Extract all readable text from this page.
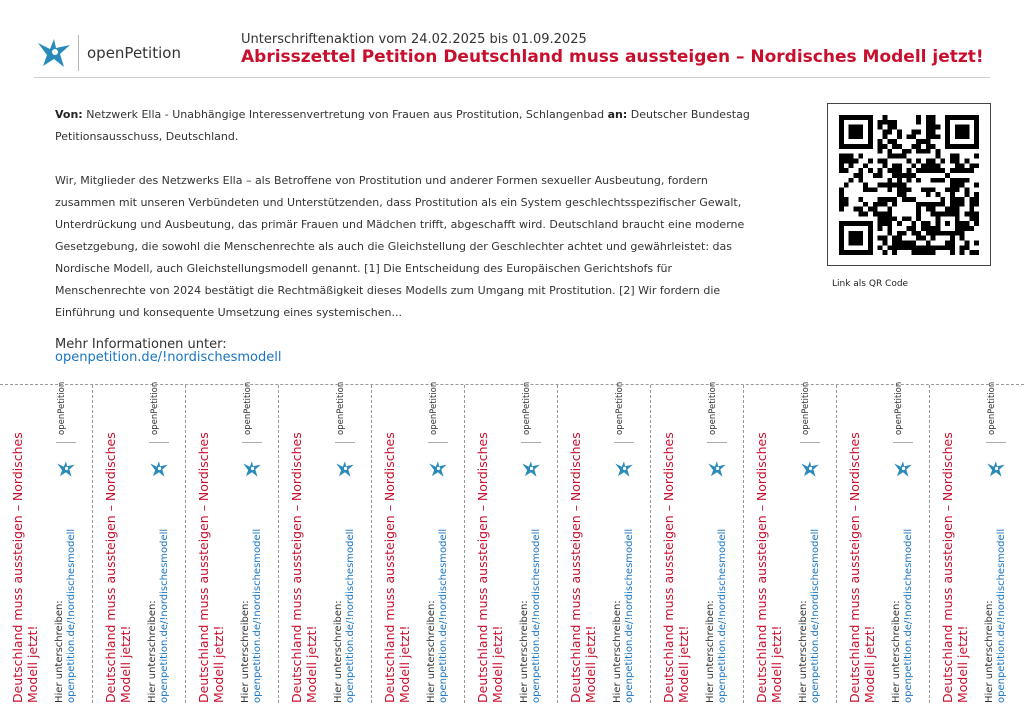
openPetition
Unterschriftenaktion vom 24.02.2025 bis 01.09.2025
Abrisszettel Petition Deutschland muss aussteigen – Nordisches Modell jetzt!

Von: Netzwerk Ella - Unabhängige Interessenvertretung von Frauen aus Prostitution, Schlangenbad an: Deutscher Bundestag Petitionsausschuss, Deutschland.

Wir, Mitglieder des Netzwerks Ella – als Betroffene von Prostitution und anderer Formen sexueller Ausbeutung, fordern zusammen mit unseren Verbündeten und Unterstützenden, dass Prostitution als ein System geschlechtsspezifischer Gewalt, Unterdrückung und Ausbeutung, das primär Frauen und Mädchen trifft, abgeschafft wird. Deutschland braucht eine moderne Gesetzgebung, die sowohl die Menschenrechte als auch die Gleichstellung der Geschlechter achtet und gewährleistet: das Nordische Modell, auch Gleichstellungsmodell genannt. [1] Die Entscheidung des Europäischen Gerichtshofs für Menschenrechte von 2024 bestätigt die Rechtmäßigkeit dieses Modells zum Umgang mit Prostitution. [2] Wir fordern die Einführung und konsequente Umsetzung eines systemischen...

Link als QR Code
Mehr Informationen unter:
openpetition.de/!nordischesmodell
Deutschland muss aussteigen – Nordisches Modell jetzt!
openPetition
Hier unterschreiben: openpetition.de/!nordischesmodell Deutschland muss aussteigen – Nordisches Modell jetzt!
openPetition
Hier unterschreiben: openpetition.de/!nordischesmodell Deutschland muss aussteigen – Nordisches Modell jetzt!
openPetition
Hier unterschreiben: openpetition.de/!nordischesmodell Deutschland muss aussteigen – Nordisches Modell jetzt!
openPetition
Hier unterschreiben: openpetition.de/!nordischesmodell Deutschland muss aussteigen – Nordisches Modell jetzt!
openPetition
Hier unterschreiben: openpetition.de/!nordischesmodell Deutschland muss aussteigen – Nordisches Modell jetzt!
openPetition
Hier unterschreiben: openpetition.de/!nordischesmodell Deutschland muss aussteigen – Nordisches Modell jetzt!
openPetition
Hier unterschreiben: openpetition.de/!nordischesmodell Deutschland muss aussteigen – Nordisches Modell jetzt!
openPetition
Hier unterschreiben: openpetition.de/!nordischesmodell Deutschland muss aussteigen – Nordisches Modell jetzt!
openPetition
Hier unterschreiben: openpetition.de/!nordischesmodell Deutschland muss aussteigen – Nordisches Modell jetzt!
openPetition
Hier unterschreiben: openpetition.de/!nordischesmodell Deutschland muss aussteigen – Nordisches Modell jetzt!
openPetition
Hier unterschreiben: openpetition.de/!nordischesmodell
